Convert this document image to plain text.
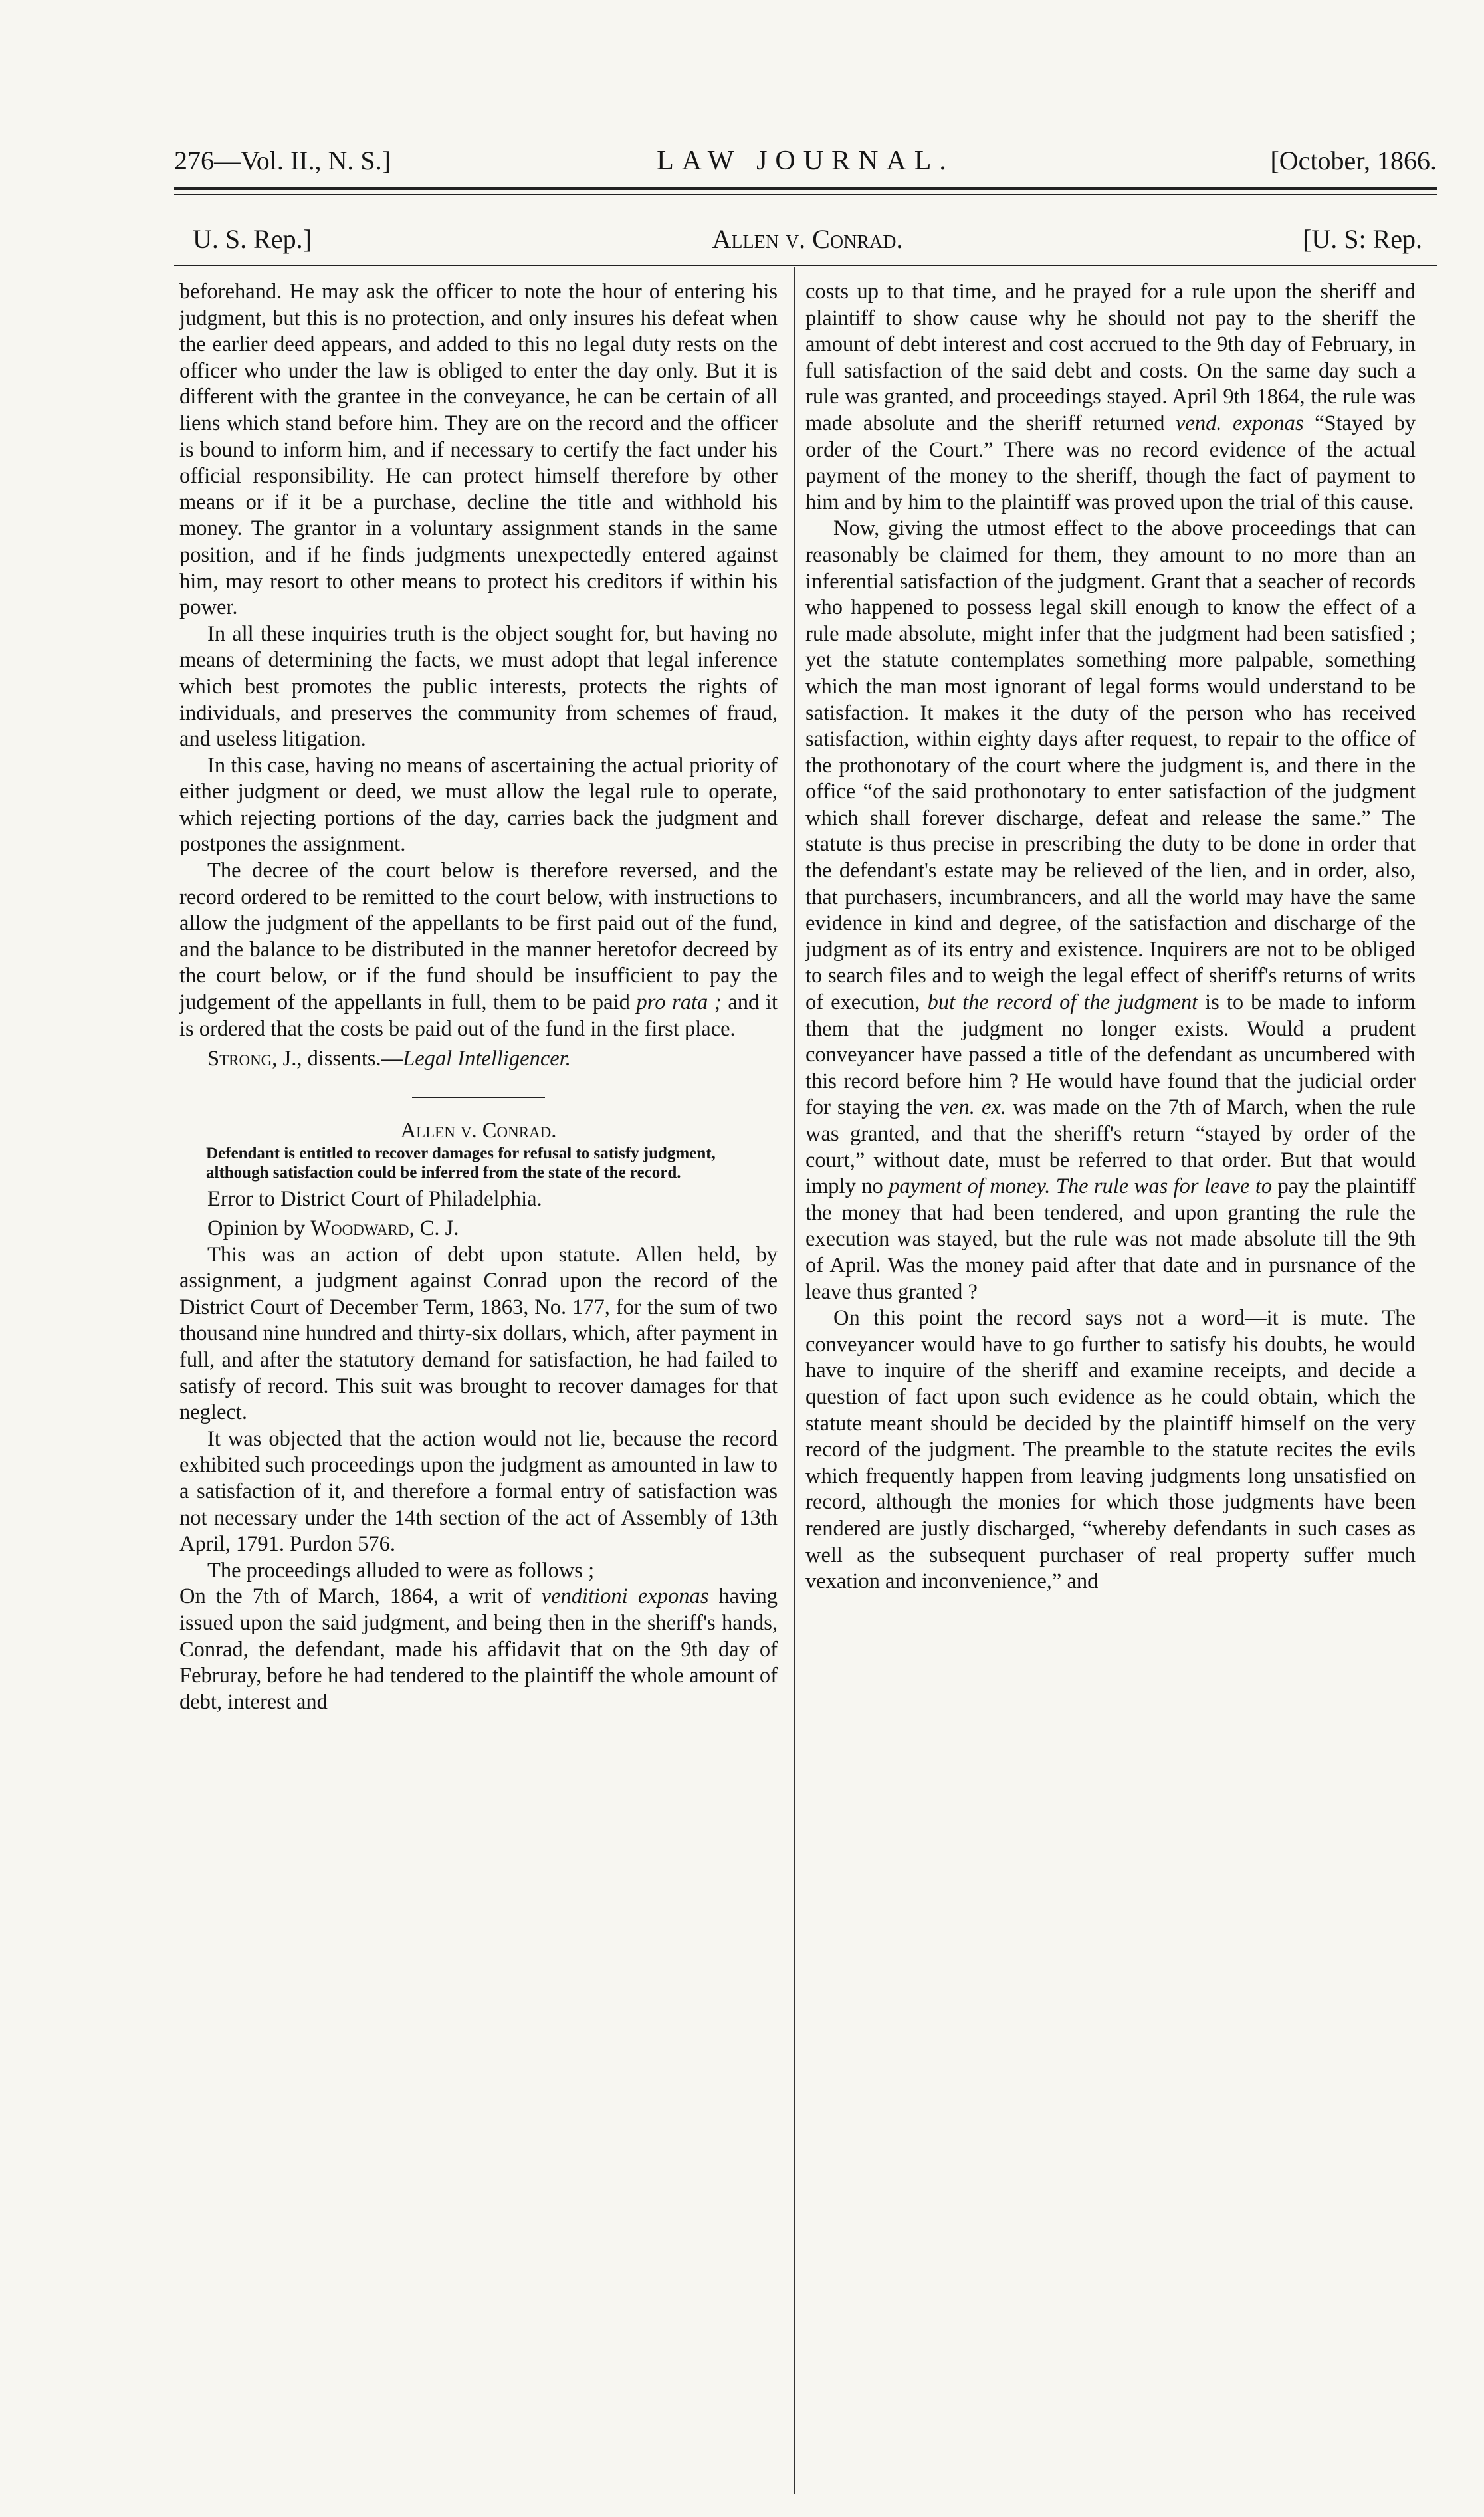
276—Vol. II., N. S.]	LAW JOURNAL.	[October, 1866.
U. S. Rep.]	Allen v. Conrad.	[U. S: Rep.

beforehand. He may ask the officer to note the hour of entering his judgment, but this is no protection, and only insures his defeat when the earlier deed appears, and added to this no legal duty rests on the officer who under the law is obliged to enter the day only. But it is different with the grantee in the conveyance, he can be certain of all liens which stand before him. They are on the record and the officer is bound to inform him, and if necessary to certify the fact under his official responsibility. He can protect himself therefore by other means or if it be a purchase, decline the title and withhold his money. The grantor in a voluntary assignment stands in the same position, and if he finds judgments unexpectedly entered against him, may resort to other means to protect his creditors if within his power.

In all these inquiries truth is the object sought for, but having no means of determining the facts, we must adopt that legal inference which best promotes the public interests, protects the rights of individuals, and preserves the community from schemes of fraud, and useless litigation.

In this case, having no means of ascertaining the actual priority of either judgment or deed, we must allow the legal rule to operate, which rejecting portions of the day, carries back the judgment and postpones the assignment.

The decree of the court below is therefore reversed, and the record ordered to be remitted to the court below, with instructions to allow the judgment of the appellants to be first paid out of the fund, and the balance to be distributed in the manner heretofor decreed by the court below, or if the fund should be insufficient to pay the judgement of the appellants in full, them to be paid pro rata ; and it is ordered that the costs be paid out of the fund in the first place.

Strong, J., dissents.—Legal Intelligencer.

Allen v. Conrad.

Defendant is entitled to recover damages for refusal to satisfy judgment, although satisfaction could be inferred from the state of the record.

Error to District Court of Philadelphia.

Opinion by Woodward, C. J.

This was an action of debt upon statute. Allen held, by assignment, a judgment against Conrad upon the record of the District Court of December Term, 1863, No. 177, for the sum of two thousand nine hundred and thirty-six dollars, which, after payment in full, and after the statutory demand for satisfaction, he had failed to satisfy of record. This suit was brought to recover damages for that neglect.

It was objected that the action would not lie, because the record exhibited such proceedings upon the judgment as amounted in law to a satisfaction of it, and therefore a formal entry of satisfaction was not necessary under the 14th section of the act of Assembly of 13th April, 1791. Purdon 576.

The proceedings alluded to were as follows ;

On the 7th of March, 1864, a writ of venditioni exponas having issued upon the said judgment, and being then in the sheriff's hands, Conrad, the defendant, made his affidavit that on the 9th day of Februray, before he had tendered to the plaintiff the whole amount of debt, interest and

costs up to that time, and he prayed for a rule upon the sheriff and plaintiff to show cause why he should not pay to the sheriff the amount of debt interest and cost accrued to the 9th day of February, in full satisfaction of the said debt and costs. On the same day such a rule was granted, and proceedings stayed. April 9th 1864, the rule was made absolute and the sheriff returned vend. exponas “Stayed by order of the Court.” There was no record evidence of the actual payment of the money to the sheriff, though the fact of payment to him and by him to the plaintiff was proved upon the trial of this cause.

Now, giving the utmost effect to the above proceedings that can reasonably be claimed for them, they amount to no more than an inferential satisfaction of the judgment. Grant that a seacher of records who happened to possess legal skill enough to know the effect of a rule made absolute, might infer that the judgment had been satisfied ; yet the statute contemplates something more palpable, something which the man most ignorant of legal forms would understand to be satisfaction. It makes it the duty of the person who has received satisfaction, within eighty days after request, to repair to the office of the prothonotary of the court where the judgment is, and there in the office “of the said prothonotary to enter satisfaction of the judgment which shall forever discharge, defeat and release the same.” The statute is thus precise in prescribing the duty to be done in order that the defendant's estate may be relieved of the lien, and in order, also, that purchasers, incumbrancers, and all the world may have the same evidence in kind and degree, of the satisfaction and discharge of the judgment as of its entry and existence. Inquirers are not to be obliged to search files and to weigh the legal effect of sheriff's returns of writs of execution, but the record of the judgment is to be made to inform them that the judgment no longer exists. Would a prudent conveyancer have passed a title of the defendant as uncumbered with this record before him ? He would have found that the judicial order for staying the ven. ex. was made on the 7th of March, when the rule was granted, and that the sheriff's return “stayed by order of the court,” without date, must be referred to that order. But that would imply no payment of money. The rule was for leave to pay the plaintiff the money that had been tendered, and upon granting the rule the execution was stayed, but the rule was not made absolute till the 9th of April. Was the money paid after that date and in pursnance of the leave thus granted ?

On this point the record says not a word—it is mute. The conveyancer would have to go further to satisfy his doubts, he would have to inquire of the sheriff and examine receipts, and decide a question of fact upon such evidence as he could obtain, which the statute meant should be decided by the plaintiff himself on the very record of the judgment. The preamble to the statute recites the evils which frequently happen from leaving judgments long unsatisfied on record, although the monies for which those judgments have been rendered are justly discharged, “whereby defendants in such cases as well as the subsequent purchaser of real property suffer much vexation and inconvenience,” and
